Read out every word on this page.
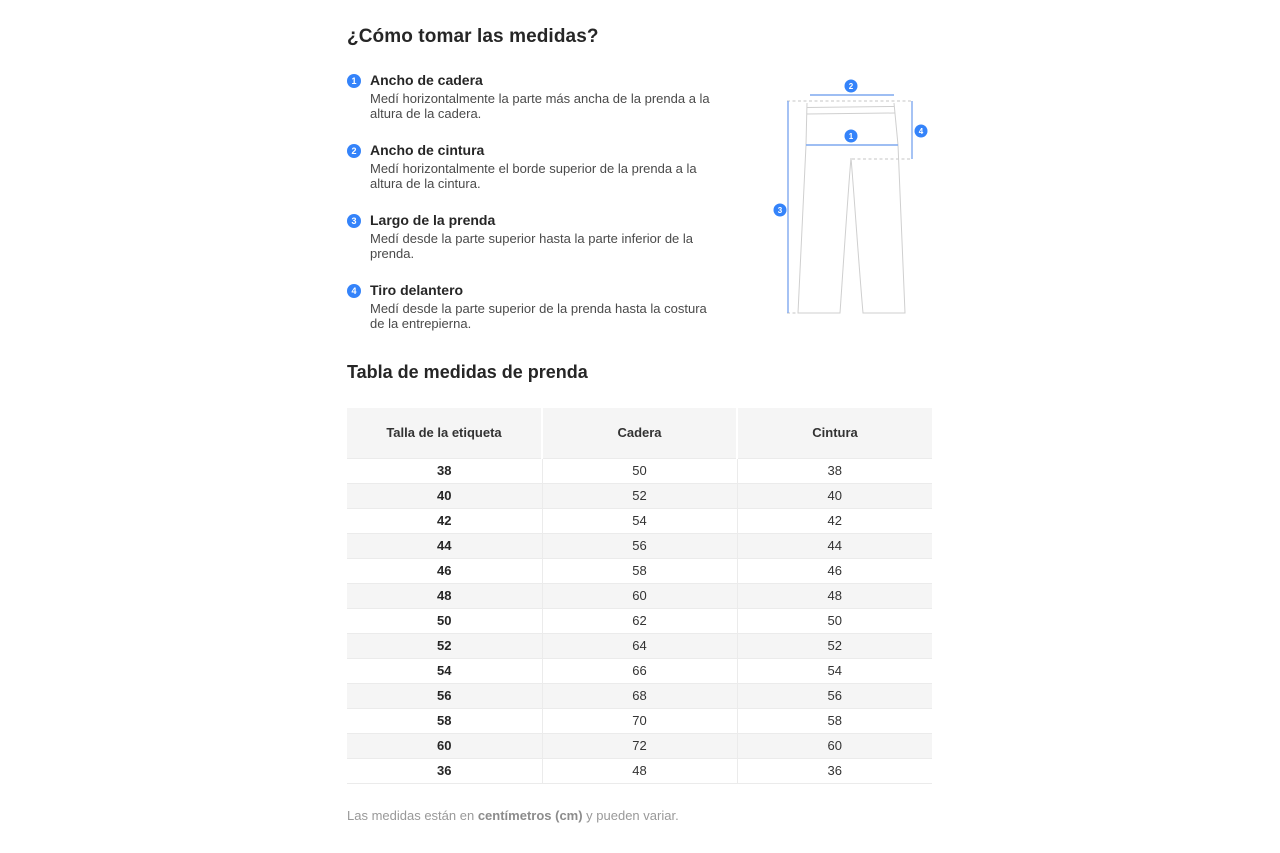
¿Cómo tomar las medidas?
1 Ancho de cadera
Medí horizontalmente la parte más ancha de la prenda a la altura de la cadera.
2 Ancho de cintura
Medí horizontalmente el borde superior de la prenda a la altura de la cintura.
3 Largo de la prenda
Medí desde la parte superior hasta la parte inferior de la prenda.
4 Tiro delantero
Medí desde la parte superior de la prenda hasta la costura de la entrepierna.
2
1
3
4
Tabla de medidas de prenda
Talla de la etiqueta	Cadera	Cintura
38	50	38
40	52	40
42	54	42
44	56	44
46	58	46
48	60	48
50	62	50
52	64	52
54	66	54
56	68	56
58	70	58
60	72	60
36	48	36

Las medidas están en centímetros (cm) y pueden variar.
